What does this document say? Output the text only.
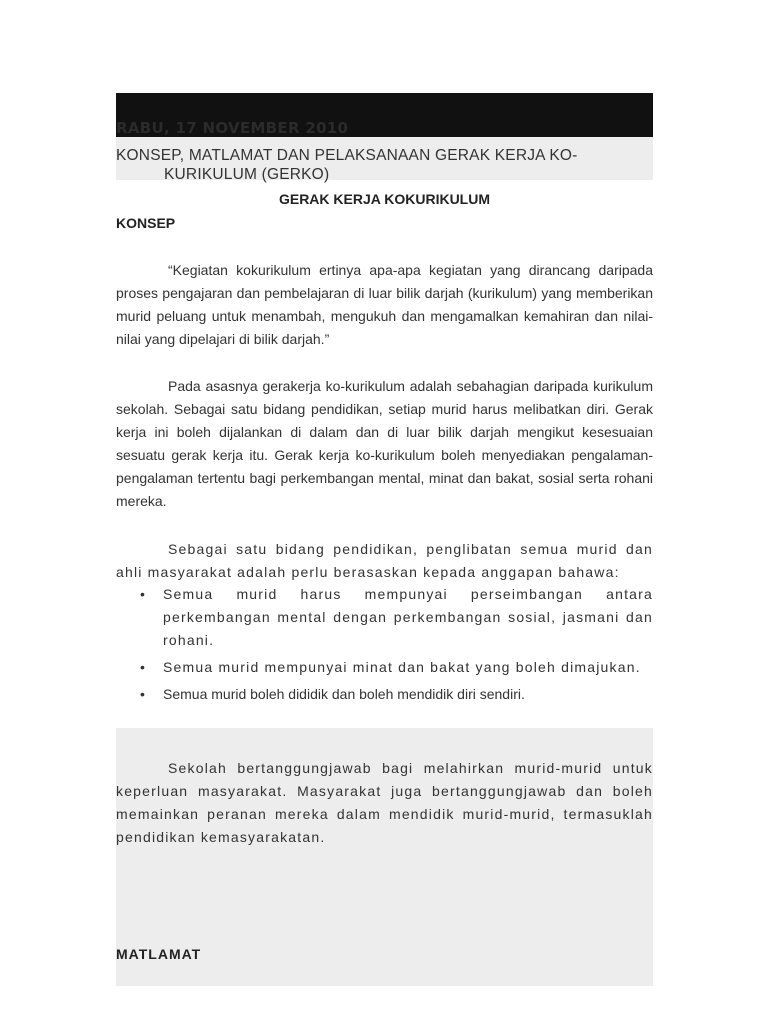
RABU, 17 NOVEMBER 2010
KONSEP, MATLAMAT DAN PELAKSANAAN GERAK KERJA KO-
KURIKULUM (GERKO)
GERAK KERJA KOKURIKULUM
KONSEP

“Kegiatan kokurikulum ertinya apa-apa kegiatan yang dirancang daripada proses pengajaran dan pembelajaran di luar bilik darjah (kurikulum) yang memberikan murid peluang untuk menambah, mengukuh dan mengamalkan kemahiran dan nilai-nilai yang dipelajari di bilik darjah.”

Pada asasnya gerakerja ko-kurikulum adalah sebahagian daripada kurikulum sekolah. Sebagai satu bidang pendidikan, setiap murid harus melibatkan diri. Gerak kerja ini boleh dijalankan di dalam dan di luar bilik darjah mengikut kesesuaian sesuatu gerak kerja itu. Gerak kerja ko-kurikulum boleh menyediakan pengalaman-pengalaman tertentu bagi perkembangan mental, minat dan bakat, sosial serta rohani mereka.

Sebagai satu bidang pendidikan, penglibatan semua murid dan ahli masyarakat adalah perlu berasaskan kepada anggapan bahawa:

• Semua murid harus mempunyai perseimbangan antara perkembangan mental dengan perkembangan sosial, jasmani dan rohani.
• Semua murid mempunyai minat dan bakat yang boleh dimajukan.
• Semua murid boleh dididik dan boleh mendidik diri sendiri.

Sekolah bertanggungjawab bagi melahirkan murid-murid untuk keperluan masyarakat. Masyarakat juga bertanggungjawab dan boleh memainkan peranan mereka dalam mendidik murid-murid, termasuklah pendidikan kemasyarakatan.

MATLAMAT
